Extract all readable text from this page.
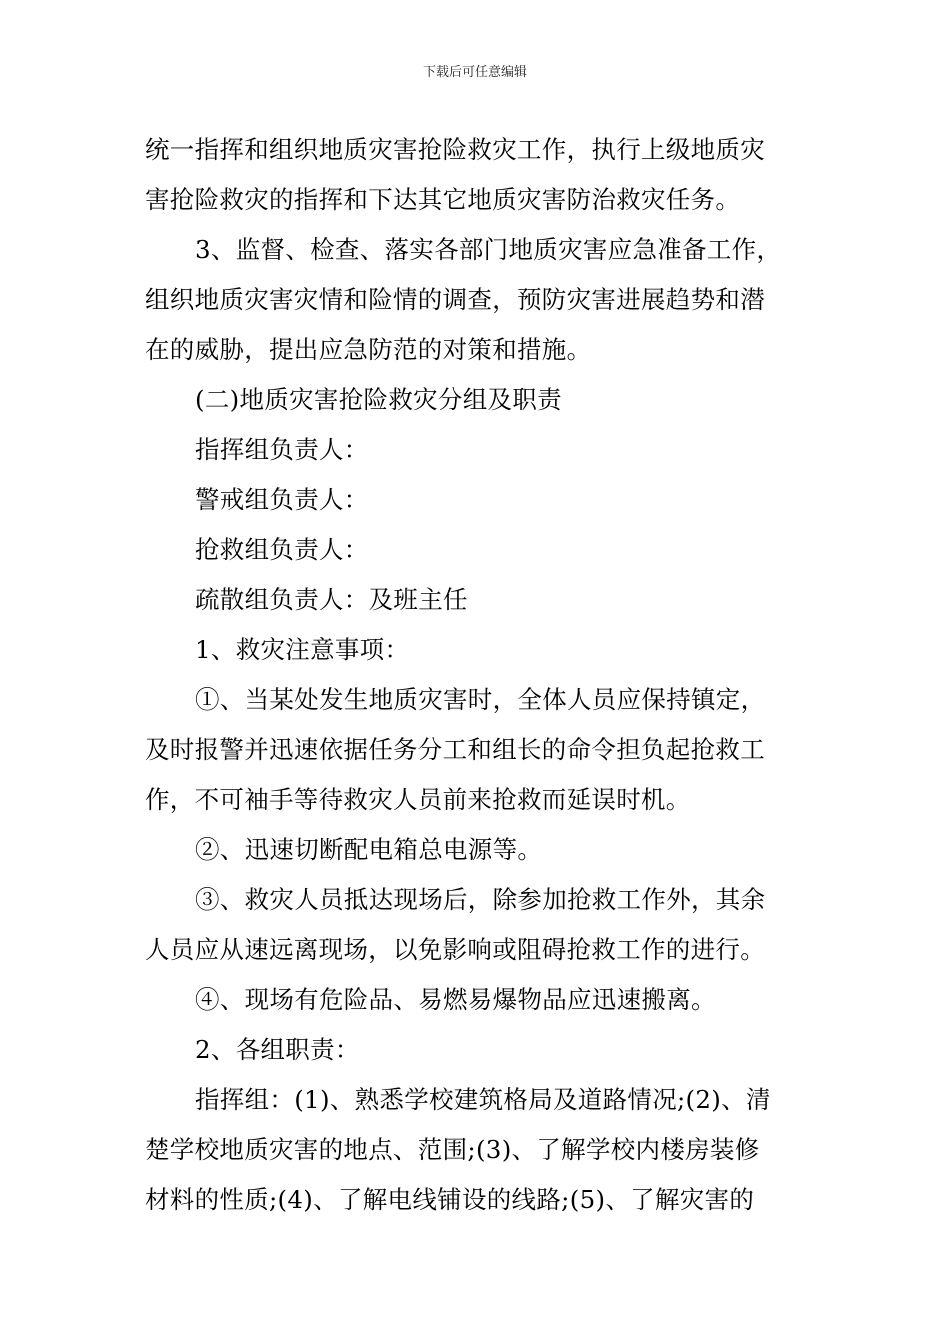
下载后可任意编辑
统一指挥和组织地质灾害抢险救灾工作，执行上级地质灾
害抢险救灾的指挥和下达其它地质灾害防治救灾任务。
3、监督、检查、落实各部门地质灾害应急准备工作，
组织地质灾害灾情和险情的调查，预防灾害进展趋势和潜
在的威胁，提出应急防范的对策和措施。
(二)地质灾害抢险救灾分组及职责
指挥组负责人：
警戒组负责人：
抢救组负责人：
疏散组负责人：及班主任
1、救灾注意事项：
①、当某处发生地质灾害时，全体人员应保持镇定，
及时报警并迅速依据任务分工和组长的命令担负起抢救工
作，不可袖手等待救灾人员前来抢救而延误时机。
②、迅速切断配电箱总电源等。
③、救灾人员抵达现场后，除参加抢救工作外，其余
人员应从速远离现场，以免影响或阻碍抢救工作的进行。
④、现场有危险品、易燃易爆物品应迅速搬离。
2、各组职责：
指挥组：(1)、熟悉学校建筑格局及道路情况;(2)、清
楚学校地质灾害的地点、范围;(3)、了解学校内楼房装修
材料的性质;(4)、了解电线铺设的线路;(5)、了解灾害的
